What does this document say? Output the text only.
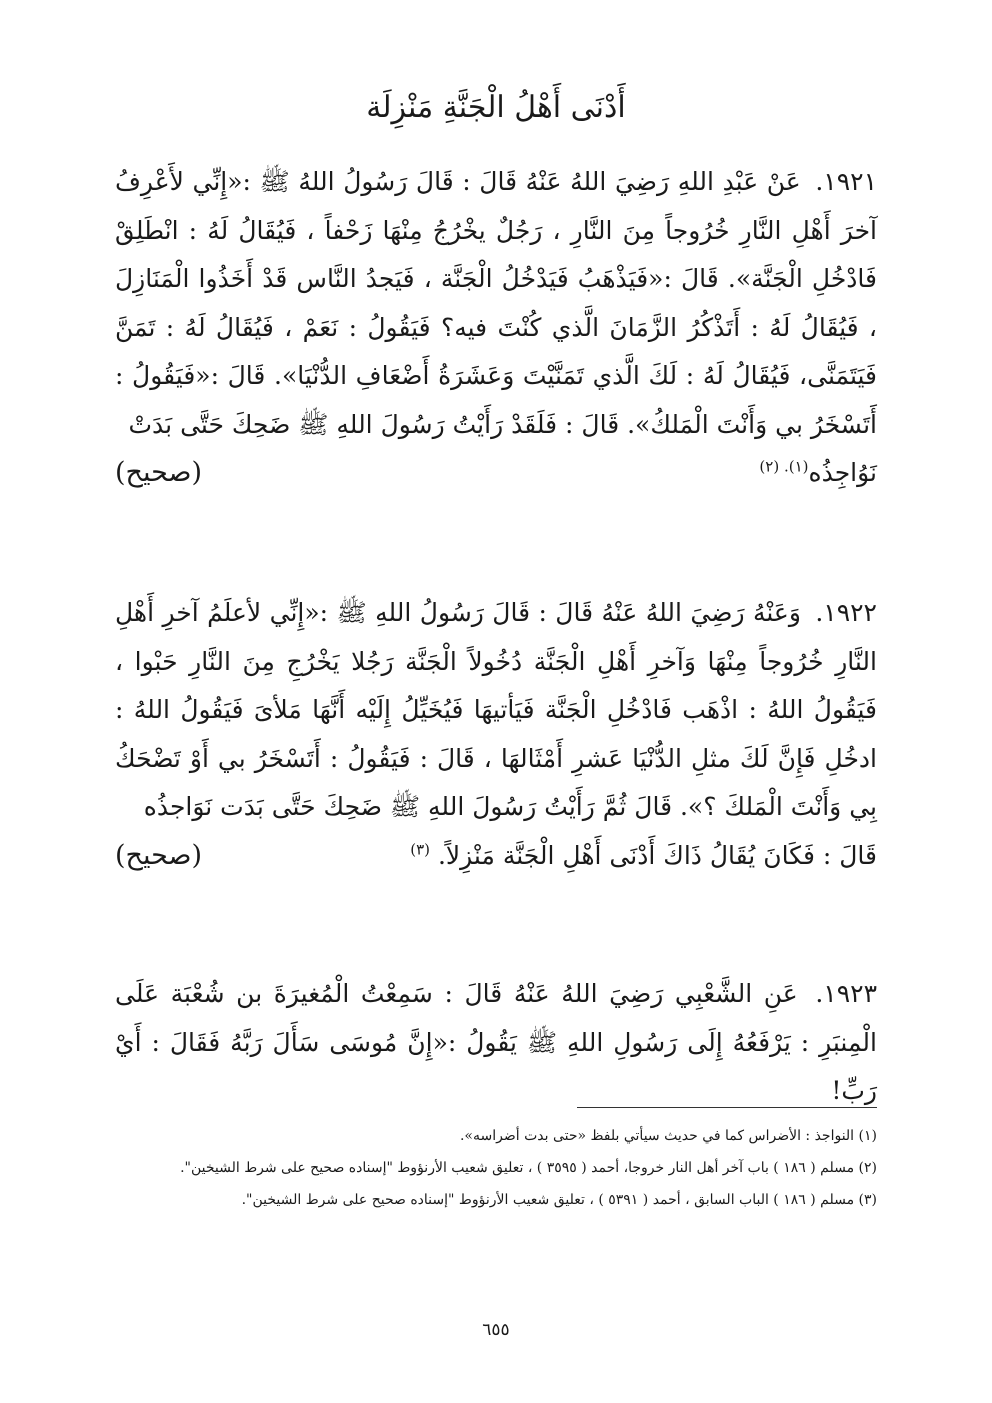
أَدْنَى أَهْلُ الْجَنَّةِ مَنْزِلَة

١٩٢١. عَنْ عَبْدِ اللهِ رَضِيَ اللهُ عَنْهُ قَالَ : قَالَ رَسُولُ اللهُ ﷺ :«إِنِّي لأَعْرِفُ آخرَ أَهْلِ النَّارِ خُرُوجاً مِنَ النَّارِ ، رَجُلٌ يخْرُجُ مِنْهَا زَحْفاً ، فَيُقَالُ لَهُ : انْطَلِقْ فَادْخُلِ الْجَنَّة». قَالَ :«فَيَذْهَبُ فَيَدْخُلُ الْجَنَّة ، فَيَجدُ النَّاس قَدْ أَخَذُوا الْمَنَازِلَ ، فَيُقَالُ لَهُ : أَتَذْكُرُ الزَّمَانَ الَّذي كُنْتَ فيه؟ فَيَقُولُ : نَعَمْ ، فَيُقَالُ لَهُ : تَمَنَّ فَيَتَمَنَّى، فَيُقَالُ لَهُ : لَكَ الَّذي تَمَنَّيْتَ وَعَشَرَةُ أَضْعَافِ الدُّنْيَا». قَالَ :«فَيَقُولُ : أَتَسْخَرُ بي وَأَنْتَ الْمَلكُ». قَالَ : فَلَقَدْ رَأَيْتُ رَسُولَ اللهِ ﷺ ضَحِكَ حَتَّى بَدَتْ

نَوُاجِذُه$^{(١). (٢)}$
(صحيح)

١٩٢٢. وَعَنْهُ رَضِيَ اللهُ عَنْهُ قَالَ : قَالَ رَسُولُ اللهِ ﷺ :«إِنِّي لأعلَمُ آخرِ أَهْلِ النَّارِ خُرُوجاً مِنْهَا وَآخرِ أَهْلِ الْجَنَّة دُخُولاً الْجَنَّة رَجُلا يَخْرُجِ مِنَ النَّارِ حَبْوا ، فَيَقُولُ اللهُ : اذْهَب فَادْخُلِ الْجَنَّة فَيَأتيهَا فَيُخَيِّلُ إِلَيْه أَنَّهَا مَلأىَ فَيَقُولُ اللهُ : ادخُلِ فَإِنَّ لَكَ مثلِ الدُّنْيَا عَشرِ أَمْثَالهَا ، قَالَ : فَيَقُولُ : أَتَسْخَرُ بي أَوْ تَضْحَكُ بِي وَأَنْتَ الْمَلكَ ؟». قَالَ ثُمَّ رَأَيْتُ رَسُولَ اللهِ ﷺ ضَحِكَ حَتَّى بَدَت نَوَاجذُه

قَالَ : فَكَانَ يُقَالُ ذَاكَ أَدْنَى أَهْلِ الْجَنَّة مَنْزِلاً. $^{(٣)}$
(صحيح)

١٩٢٣. عَنِ الشَّعْبِي رَضِيَ اللهُ عَنْهُ قَالَ : سَمِعْتُ الْمُغيرَةَ بن شُعْبَة عَلَى الْمِنبَرِ : يَرْفَعُهُ إِلَى رَسُولِ اللهِ ﷺ يَقُولُ :«إِنَّ مُوسَى سَأَلَ رَبَّهُ فَقَالَ : أَيْ رَبِّ!

(١) النواجذ : الأضراس كما في حديث سيأتي بلفظ «حتى بدت أضراسه».

(٢) مسلم ( ١٨٦ ) باب آخر أهل النار خروجا، أحمد ( ٣٥٩٥ ) ، تعليق شعيب الأرنؤوط "إسناده صحيح على شرط الشيخين".

(٣) مسلم ( ١٨٦ ) الباب السابق ، أحمد ( ٥٣٩١ ) ، تعليق شعيب الأرنؤوط "إسناده صحيح على شرط الشيخين".

٦٥٥
